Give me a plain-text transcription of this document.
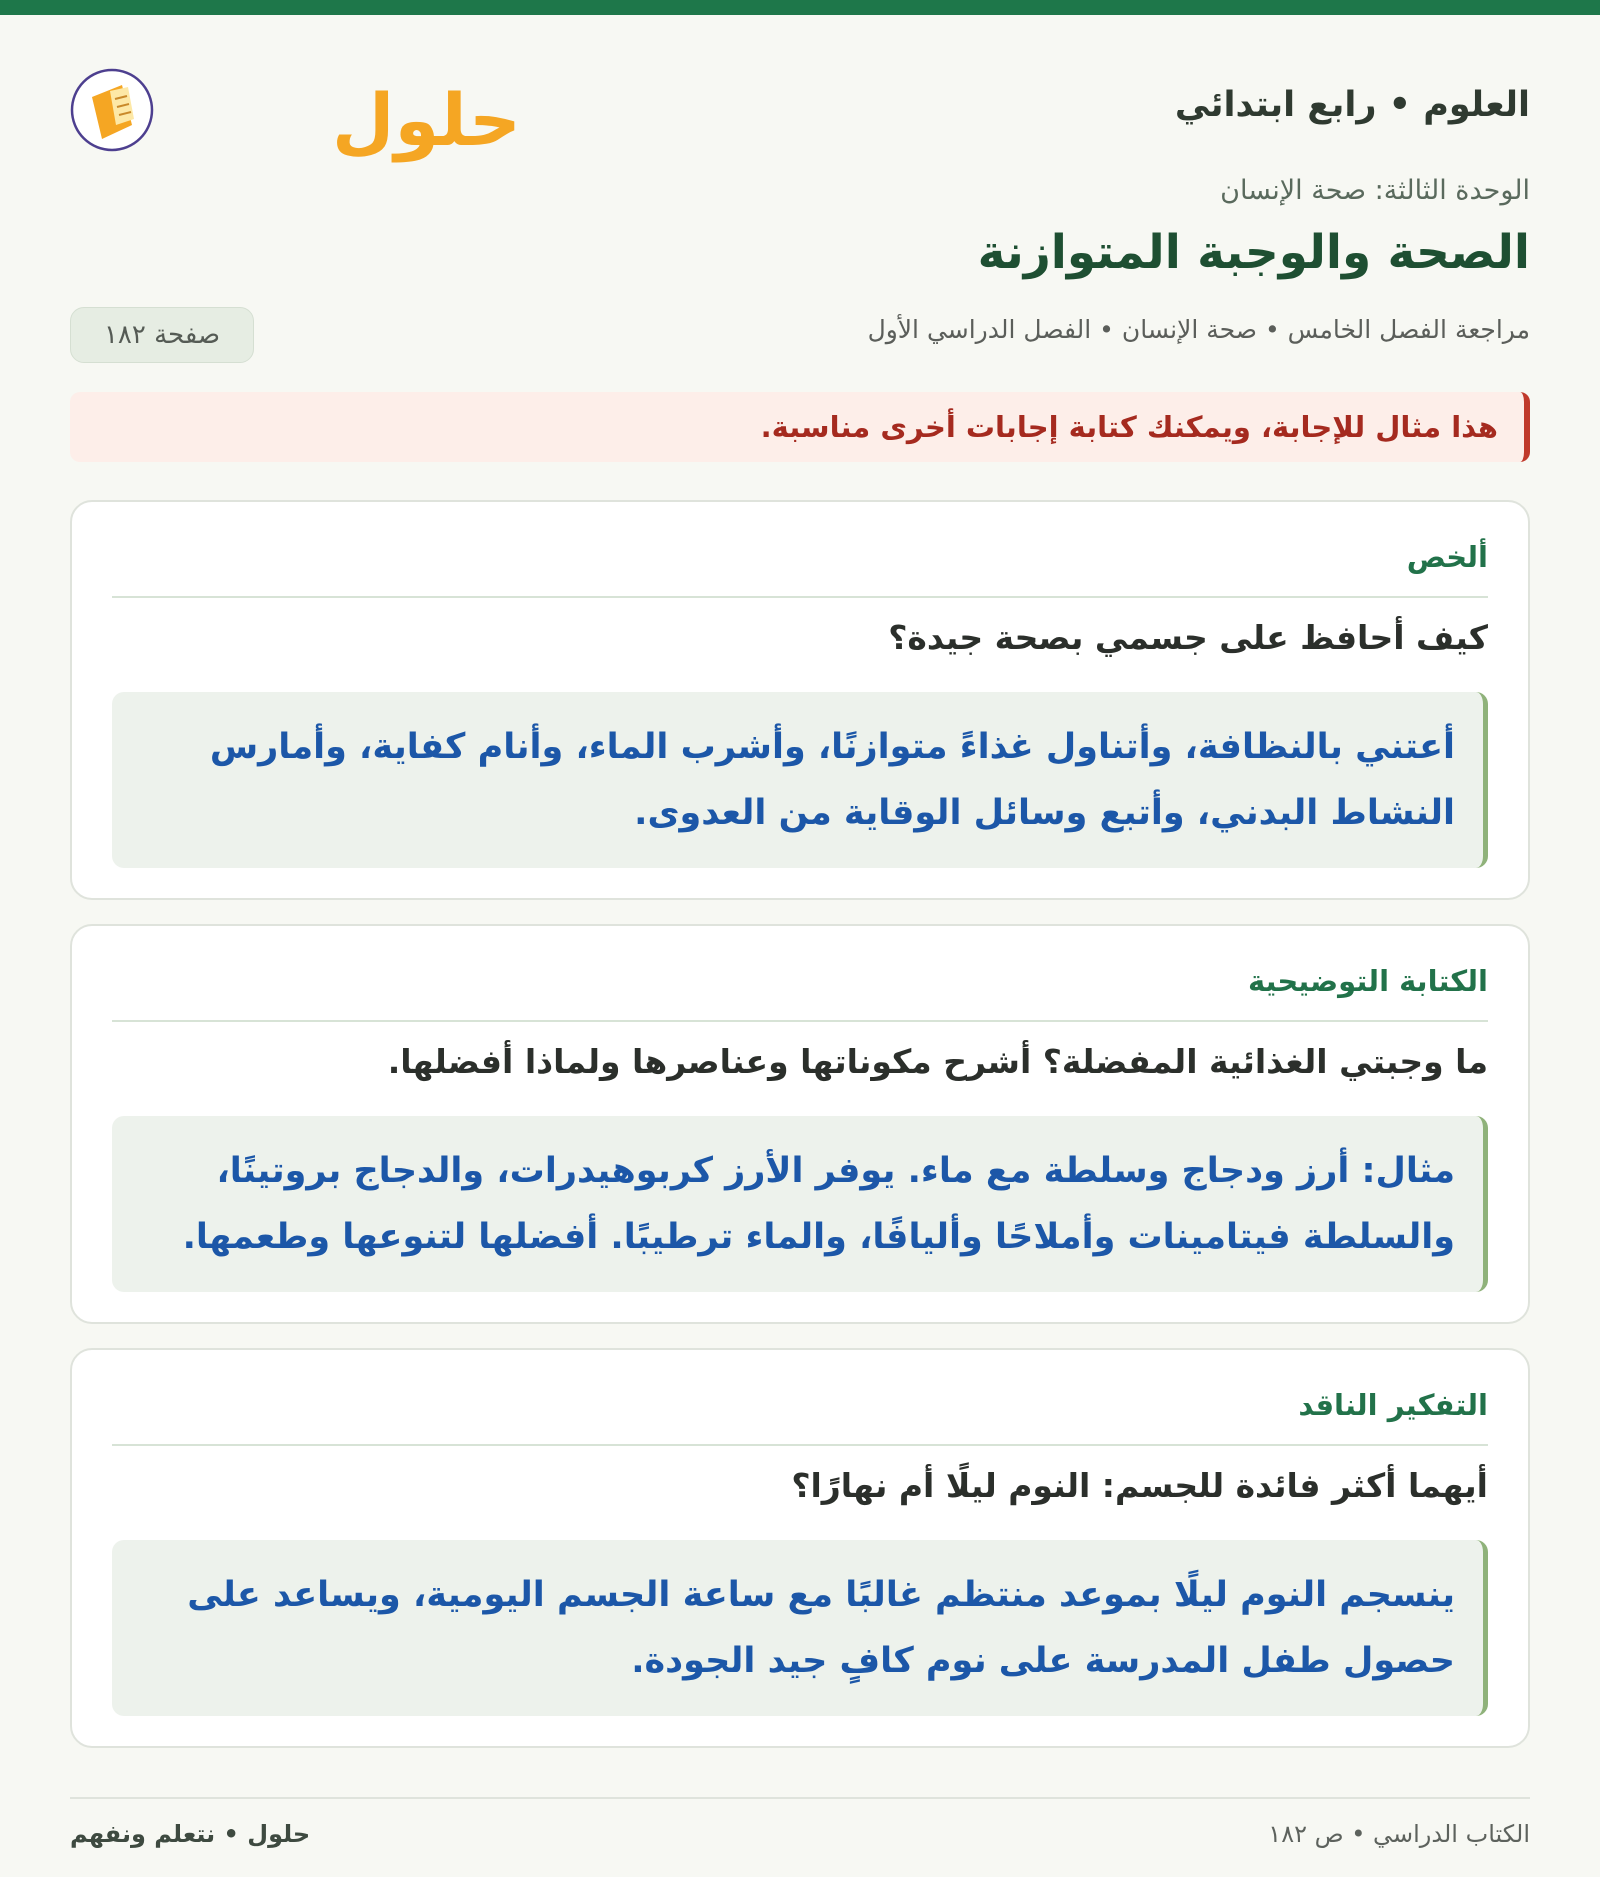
العلوم • رابع ابتدائي
حلول
الوحدة الثالثة: صحة الإنسان
الصحة والوجبة المتوازنة
مراجعة الفصل الخامس • صحة الإنسان • الفصل الدراسي الأول
صفحة ١٨٢
هذا مثال للإجابة، ويمكنك كتابة إجابات أخرى مناسبة.
ألخص
كيف أحافظ على جسمي بصحة جيدة؟
أعتني بالنظافة، وأتناول غذاءً متوازنًا، وأشرب الماء، وأنام كفاية، وأمارس النشاط البدني، وأتبع وسائل الوقاية من العدوى.
الكتابة التوضيحية
ما وجبتي الغذائية المفضلة؟ أشرح مكوناتها وعناصرها ولماذا أفضلها.
مثال: أرز ودجاج وسلطة مع ماء. يوفر الأرز كربوهيدرات، والدجاج بروتينًا، والسلطة فيتامينات وأملاحًا وأليافًا، والماء ترطيبًا. أفضلها لتنوعها وطعمها.
التفكير الناقد
أيهما أكثر فائدة للجسم: النوم ليلًا أم نهارًا؟
ينسجم النوم ليلًا بموعد منتظم غالبًا مع ساعة الجسم اليومية، ويساعد على حصول طفل المدرسة على نوم كافٍ جيد الجودة.
الكتاب الدراسي • ص ١٨٢
حلول • نتعلم ونفهم
